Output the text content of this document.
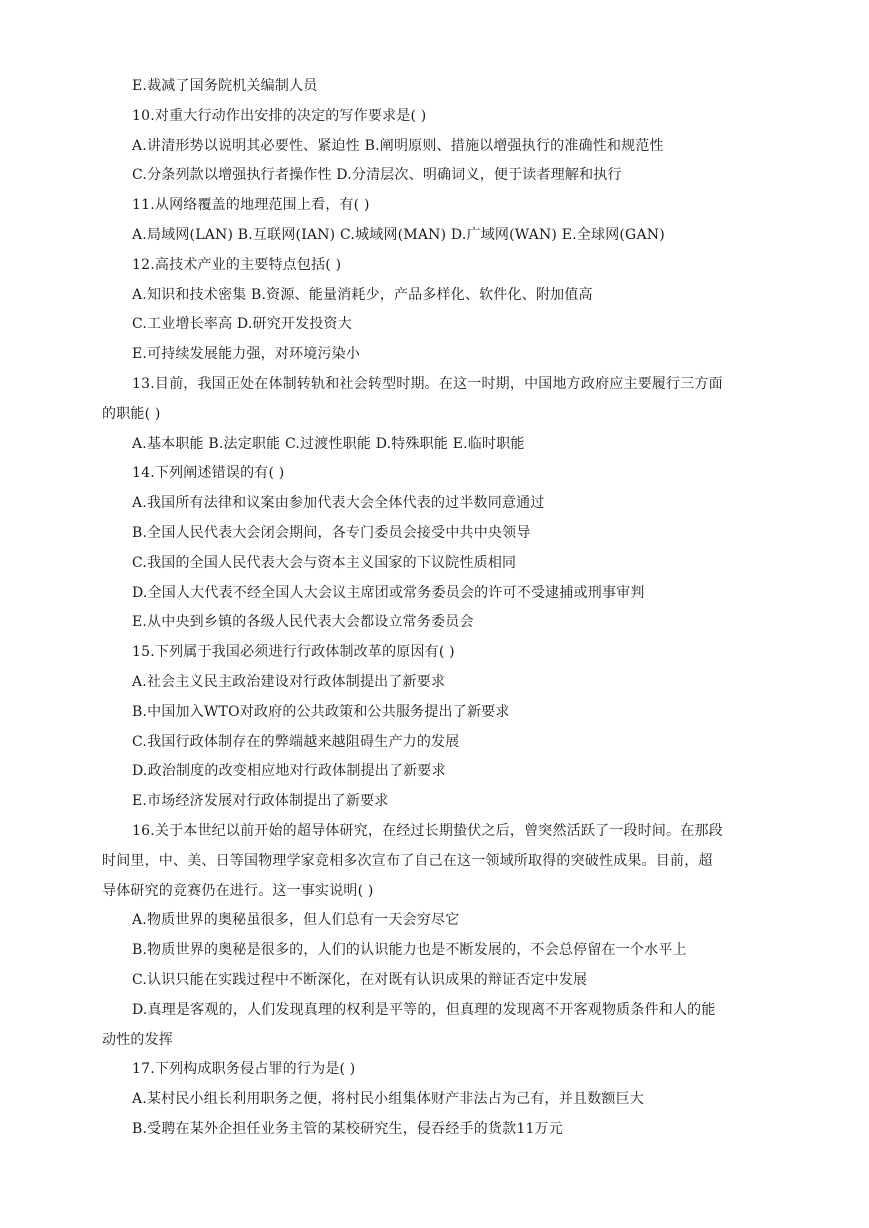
E.裁减了国务院机关编制人员
10.对重大行动作出安排的决定的写作要求是( )
A.讲清形势以说明其必要性、紧迫性 B.阐明原则、措施以增强执行的准确性和规范性
C.分条列款以增强执行者操作性 D.分清层次、明确词义，便于读者理解和执行
11.从网络覆盖的地理范围上看，有( )
A.局域网(LAN) B.互联网(IAN) C.城域网(MAN) D.广域网(WAN) E.全球网(GAN)
12.高技术产业的主要特点包括( )
A.知识和技术密集 B.资源、能量消耗少，产品多样化、软件化、附加值高
C.工业增长率高 D.研究开发投资大
E.可持续发展能力强，对环境污染小
13.目前，我国正处在体制转轨和社会转型时期。在这一时期，中国地方政府应主要履行三方面
的职能( )
A.基本职能 B.法定职能 C.过渡性职能 D.特殊职能 E.临时职能
14.下列阐述错误的有( )
A.我国所有法律和议案由参加代表大会全体代表的过半数同意通过
B.全国人民代表大会闭会期间，各专门委员会接受中共中央领导
C.我国的全国人民代表大会与资本主义国家的下议院性质相同
D.全国人大代表不经全国人大会议主席团或常务委员会的许可不受逮捕或刑事审判
E.从中央到乡镇的各级人民代表大会都设立常务委员会
15.下列属于我国必须进行行政体制改革的原因有( )
A.社会主义民主政治建设对行政体制提出了新要求
B.中国加入WTO对政府的公共政策和公共服务提出了新要求
C.我国行政体制存在的弊端越来越阻碍生产力的发展
D.政治制度的改变相应地对行政体制提出了新要求
E.市场经济发展对行政体制提出了新要求
16.关于本世纪以前开始的超导体研究，在经过长期蛰伏之后，曾突然活跃了一段时间。在那段
时间里，中、美、日等国物理学家竞相多次宣布了自己在这一领域所取得的突破性成果。目前，超
导体研究的竞赛仍在进行。这一事实说明( )
A.物质世界的奥秘虽很多，但人们总有一天会穷尽它
B.物质世界的奥秘是很多的，人们的认识能力也是不断发展的，不会总停留在一个水平上
C.认识只能在实践过程中不断深化，在对既有认识成果的辩证否定中发展
D.真理是客观的，人们发现真理的权利是平等的，但真理的发现离不开客观物质条件和人的能
动性的发挥
17.下列构成职务侵占罪的行为是( )
A.某村民小组长利用职务之便，将村民小组集体财产非法占为己有，并且数额巨大
B.受聘在某外企担任业务主管的某校研究生，侵吞经手的货款11万元
